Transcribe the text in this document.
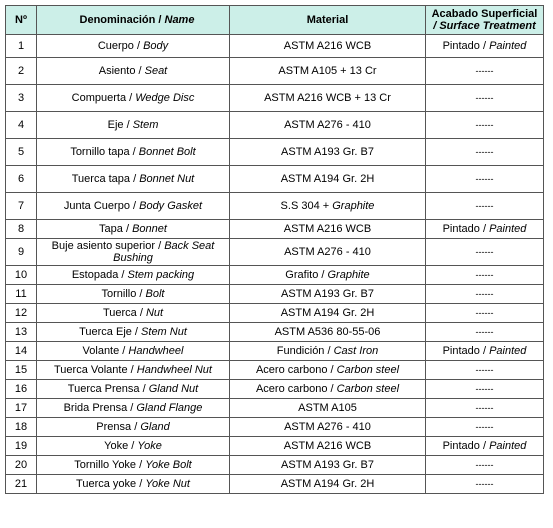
Nº	Denominación / Name	Material	Acabado Superficial
/ Surface Treatment
1	Cuerpo / Body	ASTM A216 WCB	Pintado / Painted
2	Asiento / Seat	ASTM A105 + 13 Cr	------
3	Compuerta / Wedge Disc	ASTM A216 WCB + 13 Cr	------
4	Eje / Stem	ASTM A276 - 410	------
5	Tornillo tapa / Bonnet Bolt	ASTM A193 Gr. B7	------
6	Tuerca tapa / Bonnet Nut	ASTM A194 Gr. 2H	------
7	Junta Cuerpo / Body Gasket	S.S 304 + Graphite	------
8	Tapa / Bonnet	ASTM A216 WCB	Pintado / Painted
9	Buje asiento superior / Back Seat Bushing	ASTM A276 - 410	------
10	Estopada / Stem packing	Grafito / Graphite	------
11	Tornillo / Bolt	ASTM A193 Gr. B7	------
12	Tuerca / Nut	ASTM A194 Gr. 2H	------
13	Tuerca Eje / Stem Nut	ASTM A536 80-55-06	------
14	Volante / Handwheel	Fundición / Cast Iron	Pintado / Painted
15	Tuerca Volante / Handwheel Nut	Acero carbono / Carbon steel	------
16	Tuerca Prensa / Gland Nut	Acero carbono / Carbon steel	------
17	Brida Prensa / Gland Flange	ASTM A105	------
18	Prensa / Gland	ASTM A276 - 410	------
19	Yoke / Yoke	ASTM A216 WCB	Pintado / Painted
20	Tornillo Yoke / Yoke Bolt	ASTM A193 Gr. B7	------
21	Tuerca yoke / Yoke Nut	ASTM A194 Gr. 2H	------
